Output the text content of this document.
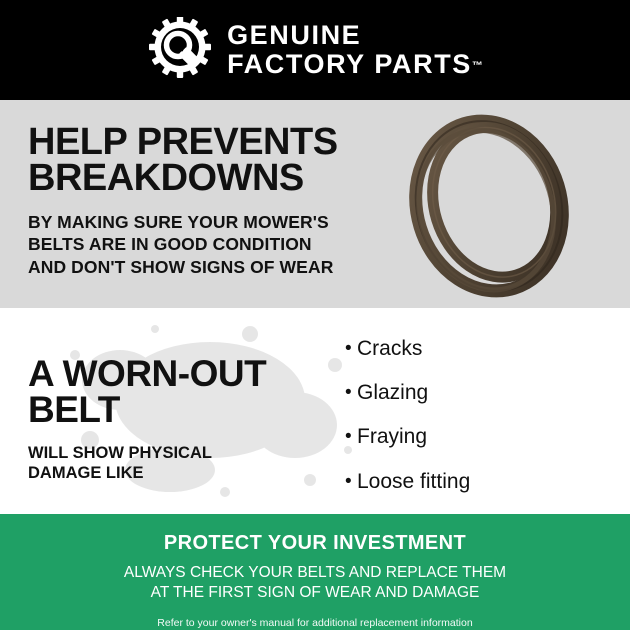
GENUINE
FACTORY PARTS™
HELP PREVENTS
BREAKDOWNS
BY MAKING SURE YOUR MOWER'S
BELTS ARE IN GOOD CONDITION
AND DON'T SHOW SIGNS OF WEAR
A WORN-OUT
BELT
WILL SHOW PHYSICAL
DAMAGE LIKE
• Cracks
• Glazing
• Fraying
• Loose fitting
PROTECT YOUR INVESTMENT
ALWAYS CHECK YOUR BELTS AND REPLACE THEM
AT THE FIRST SIGN OF WEAR AND DAMAGE
Refer to your owner's manual for additional replacement information
